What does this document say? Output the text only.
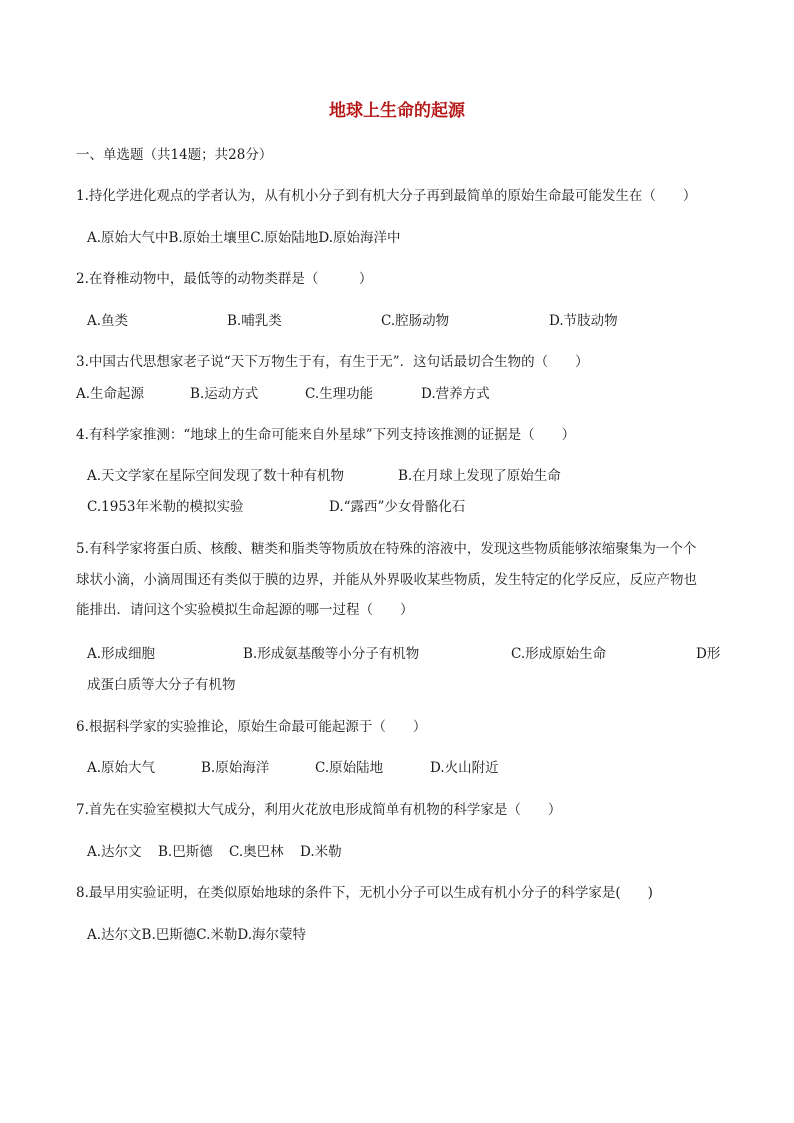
地球上生命的起源
一、单选题（共14题；共28分）
1.持化学进化观点的学者认为，从有机小分子到有机大分子再到最简单的原始生命最可能发生在（　　）
A.原始大气中B.原始土壤里C.原始陆地D.原始海洋中
2.在脊椎动物中，最低等的动物类群是（　　　）
A.鱼类	B.哺乳类	C.腔肠动物	D.节肢动物
3.中国古代思想家老子说“天下万物生于有，有生于无”．这句话最切合生物的（　　）
A.生命起源	B.运动方式	C.生理功能	D.营养方式
4.有科学家推测：“地球上的生命可能来自外星球”下列支持该推测的证据是（　　）
A.天文学家在星际空间发现了数十种有机物	B.在月球上发现了原始生命
C.1953年米勒的模拟实验	D.“露西”少女骨骼化石
5.有科学家将蛋白质、核酸、糖类和脂类等物质放在特殊的溶液中，发现这些物质能够浓缩聚集为一个个
球状小滴，小滴周围还有类似于膜的边界，并能从外界吸收某些物质，发生特定的化学反应，反应产物也
能排出．请问这个实验模拟生命起源的哪一过程（　　）
A.形成细胞	B.形成氨基酸等小分子有机物	C.形成原始生命	D形
成蛋白质等大分子有机物
6.根据科学家的实验推论，原始生命最可能起源于（　　）
A.原始大气	B.原始海洋	C.原始陆地	D.火山附近
7.首先在实验室模拟大气成分，利用火花放电形成简单有机物的科学家是（　　）
A.达尔文 B.巴斯德 C.奥巴林 D.米勒
8.最早用实验证明，在类似原始地球的条件下，无机小分子可以生成有机小分子的科学家是(　　)
A.达尔文B.巴斯德C.米勒D.海尔蒙特
